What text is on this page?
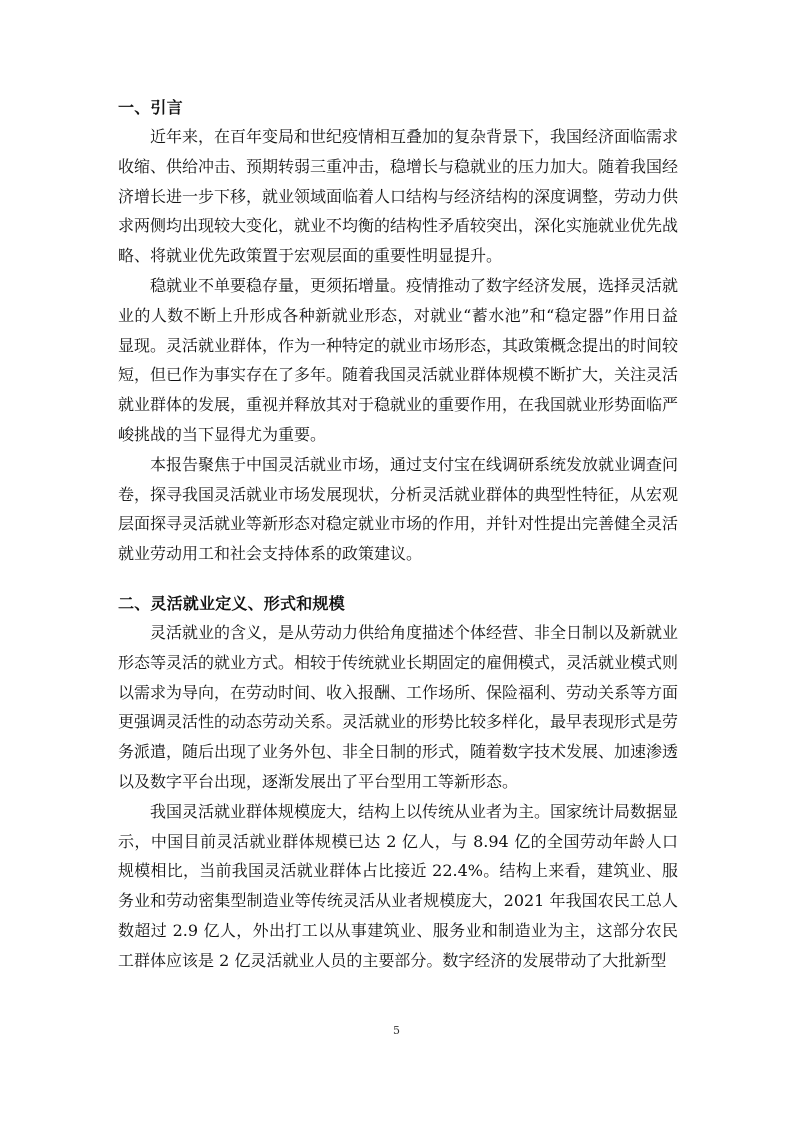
一、引言

近年来，在百年变局和世纪疫情相互叠加的复杂背景下，我国经济面临需求收缩、供给冲击、预期转弱三重冲击，稳增长与稳就业的压力加大。随着我国经济增长进一步下移，就业领域面临着人口结构与经济结构的深度调整，劳动力供求两侧均出现较大变化，就业不均衡的结构性矛盾较突出，深化实施就业优先战略、将就业优先政策置于宏观层面的重要性明显提升。

稳就业不单要稳存量，更须拓增量。疫情推动了数字经济发展，选择灵活就业的人数不断上升形成各种新就业形态，对就业“蓄水池”和“稳定器”作用日益显现。灵活就业群体，作为一种特定的就业市场形态，其政策概念提出的时间较短，但已作为事实存在了多年。随着我国灵活就业群体规模不断扩大，关注灵活就业群体的发展，重视并释放其对于稳就业的重要作用，在我国就业形势面临严峻挑战的当下显得尤为重要。

本报告聚焦于中国灵活就业市场，通过支付宝在线调研系统发放就业调查问卷，探寻我国灵活就业市场发展现状，分析灵活就业群体的典型性特征，从宏观层面探寻灵活就业等新形态对稳定就业市场的作用，并针对性提出完善健全灵活就业劳动用工和社会支持体系的政策建议。

二、灵活就业定义、形式和规模

灵活就业的含义，是从劳动力供给角度描述个体经营、非全日制以及新就业形态等灵活的就业方式。相较于传统就业长期固定的雇佣模式，灵活就业模式则以需求为导向，在劳动时间、收入报酬、工作场所、保险福利、劳动关系等方面更强调灵活性的动态劳动关系。灵活就业的形势比较多样化，最早表现形式是劳务派遣，随后出现了业务外包、非全日制的形式，随着数字技术发展、加速渗透以及数字平台出现，逐渐发展出了平台型用工等新形态。

我国灵活就业群体规模庞大，结构上以传统从业者为主。国家统计局数据显示，中国目前灵活就业群体规模已达 2 亿人，与 8.94 亿的全国劳动年龄人口规模相比，当前我国灵活就业群体占比接近 22.4%。结构上来看，建筑业、服务业和劳动密集型制造业等传统灵活从业者规模庞大，2021 年我国农民工总人数超过 2.9 亿人，外出打工以从事建筑业、服务业和制造业为主，这部分农民工群体应该是 2 亿灵活就业人员的主要部分。数字经济的发展带动了大批新型

5
